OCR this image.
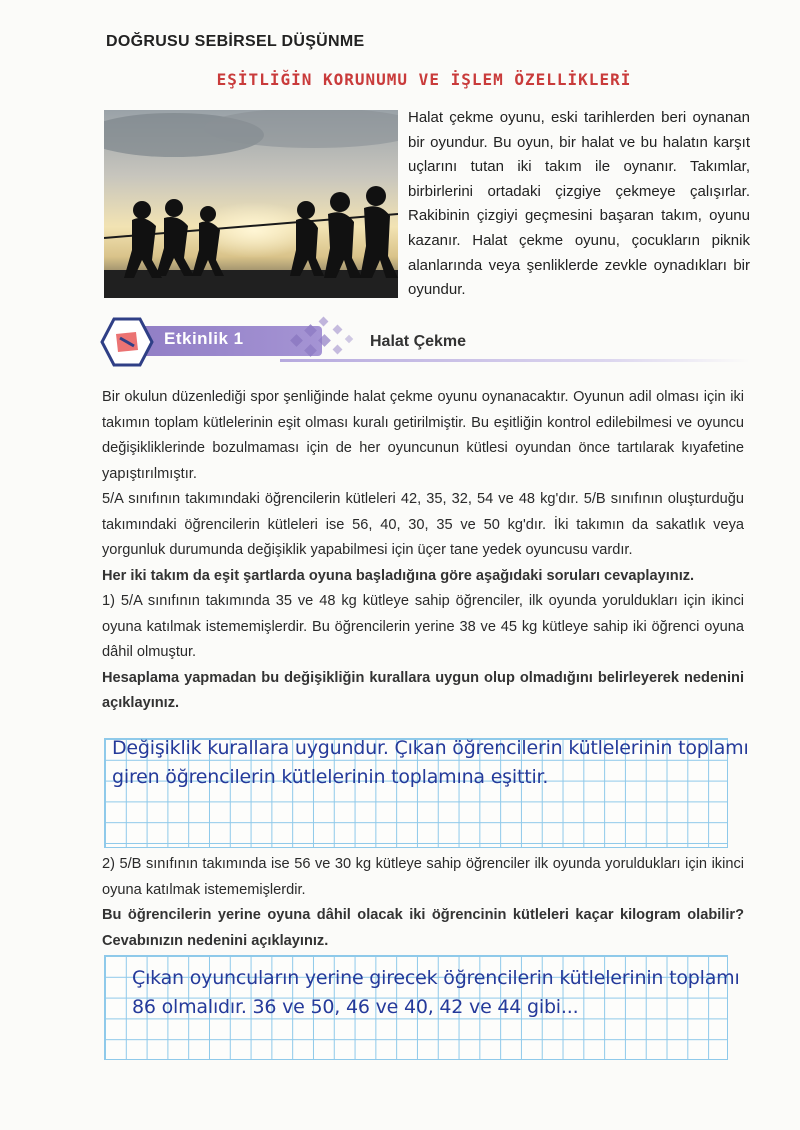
DOĞRUSU SEBİRSEL DÜŞÜNME
EŞİTLİĞİN KORUNUMU VE İŞLEM ÖZELLİKLERİ
Halat çekme oyunu, eski tarihlerden beri oynanan bir oyundur. Bu oyun, bir halat ve bu halatın karşıt uçlarını tutan iki takım ile oynanır. Takımlar, birbirlerini ortadaki çizgiye çekmeye çalışırlar. Rakibinin çizgiyi geçmesini başaran takım, oyunu kazanır. Halat çekme oyunu, çocukların piknik alanlarında veya şenliklerde zevkle oynadıkları bir oyundur.
Etkinlik 1	Halat Çekme

Bir okulun düzenlediği spor şenliğinde halat çekme oyunu oynanacaktır. Oyunun adil olması için iki takımın toplam kütlelerinin eşit olması kuralı getirilmiştir. Bu eşitliğin kontrol edilebilmesi ve oyuncu değişikliklerinde bozulmaması için de her oyuncunun kütlesi oyundan önce tartılarak kıyafetine yapıştırılmıştır.

5/A sınıfının takımındaki öğrencilerin kütleleri 42, 35, 32, 54 ve 48 kg'dır. 5/B sınıfının oluşturduğu takımındaki öğrencilerin kütleleri ise 56, 40, 30, 35 ve 50 kg'dır. İki takımın da sakatlık veya yorgunluk durumunda değişiklik yapabilmesi için üçer tane yedek oyuncusu vardır.

Her iki takım da eşit şartlarda oyuna başladığına göre aşağıdaki soruları cevaplayınız.

1) 5/A sınıfının takımında 35 ve 48 kg kütleye sahip öğrenciler, ilk oyunda yoruldukları için ikinci oyuna katılmak istememişlerdir. Bu öğrencilerin yerine 38 ve 45 kg kütleye sahip iki öğrenci oyuna dâhil olmuştur.

Hesaplama yapmadan bu değişikliğin kurallara uygun olup olmadığını belirleyerek nedenini açıklayınız.

Değişiklik kurallara uygundur. Çıkan öğrencilerin kütlelerinin toplamı

giren öğrencilerin kütlelerinin toplamına eşittir.

2) 5/B sınıfının takımında ise 56 ve 30 kg kütleye sahip öğrenciler ilk oyunda yoruldukları için ikinci oyuna katılmak istememişlerdir.

Bu öğrencilerin yerine oyuna dâhil olacak iki öğrencinin kütleleri kaçar kilogram olabilir? Cevabınızın nedenini açıklayınız.

Çıkan oyuncuların yerine girecek öğrencilerin kütlelerinin toplamı

86 olmalıdır. 36 ve 50, 46 ve 40, 42 ve 44 gibi...
